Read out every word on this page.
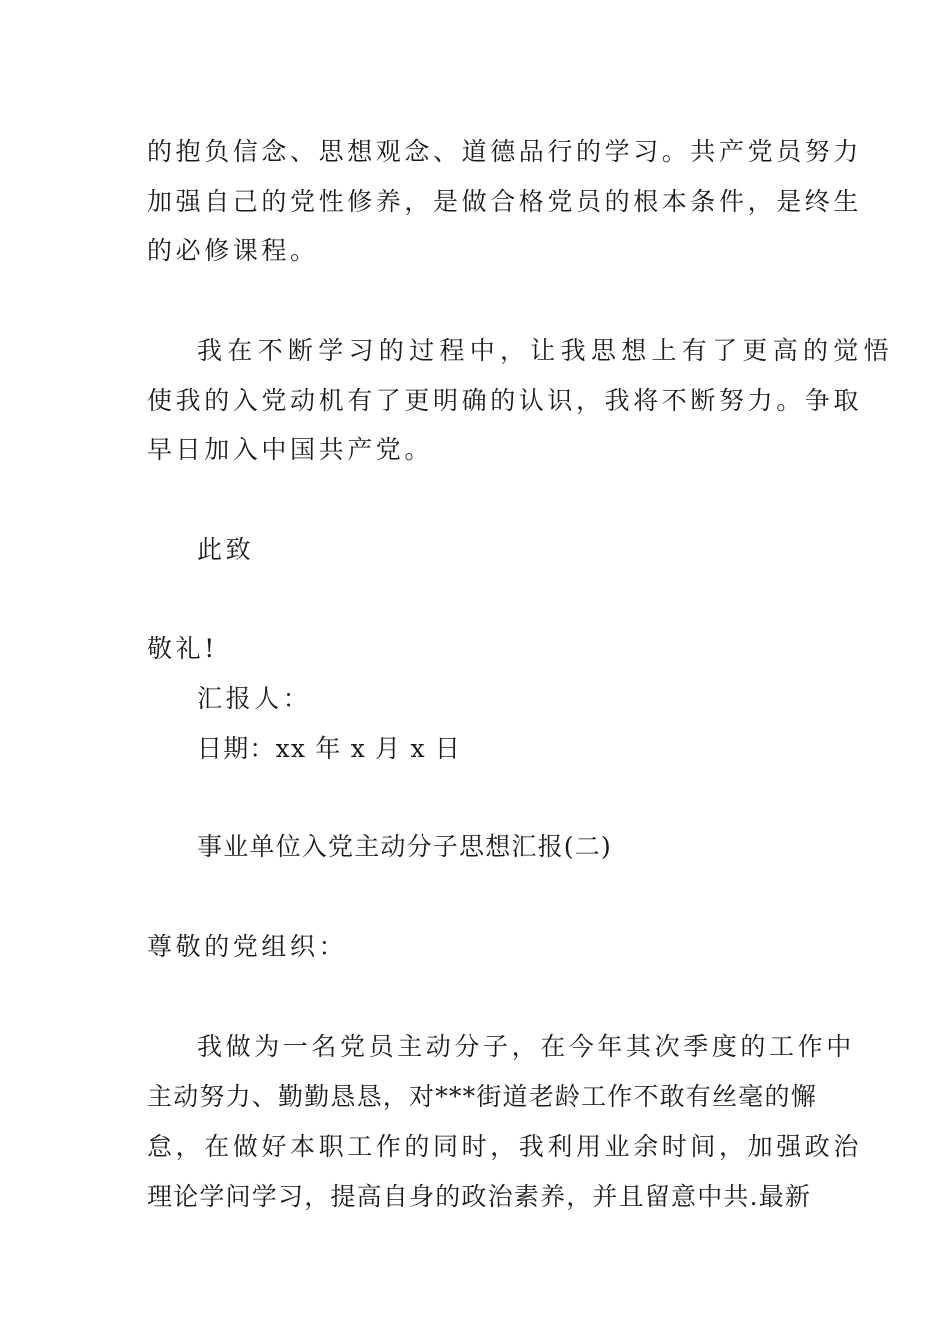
的抱负信念、思想观念、道德品行的学习。共产党员努力
加强自己的党性修养，是做合格党员的根本条件，是终生
的必修课程。
我在不断学习的过程中，让我思想上有了更高的觉悟
使我的入党动机有了更明确的认识，我将不断努力。争取
早日加入中国共产党。
此致
敬礼!
汇报人：
日期：xx 年 x 月 x 日
事业单位入党主动分子思想汇报(二)
尊敬的党组织：
我做为一名党员主动分子，在今年其次季度的工作中
主动努力、勤勤恳恳，对***街道老龄工作不敢有丝毫的懈
怠，在做好本职工作的同时，我利用业余时间，加强政治
理论学问学习，提高自身的政治素养，并且留意中共.最新
